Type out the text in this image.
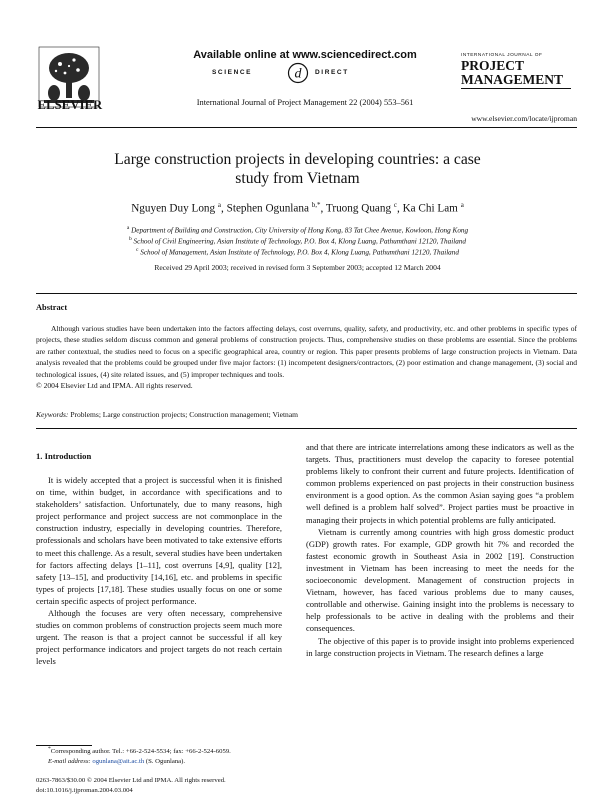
ELSEVIER
Available online at www.sciencedirect.com
SCIENCE	d DIRECT
International Journal of Project Management 22 (2004) 553–561
INTERNATIONAL JOURNAL OF
PROJECT
MANAGEMENT
www.elsevier.com/locate/ijproman
Large construction projects in developing countries: a case
study from Vietnam
Nguyen Duy Long $^a$, Stephen Ogunlana $^{b,*}$, Truong Quang $^c$, Ka Chi Lam $^a$
$^a$ Department of Building and Construction, City University of Hong Kong, 83 Tat Chee Avenue, Kowloon, Hong Kong
$^b$ School of Civil Engineering, Asian Institute of Technology, P.O. Box 4, Klong Luang, Pathumthani 12120, Thailand
$^c$ School of Management, Asian Institute of Technology, P.O. Box 4, Klong Luang, Pathumthani 12120, Thailand
Received 29 April 2003; received in revised form 3 September 2003; accepted 12 March 2004
Abstract

Although various studies have been undertaken into the factors affecting delays, cost overruns, quality, safety, and productivity, etc. and other problems in specific types of projects, these studies seldom discuss common and general problems of construction projects. Thus, comprehensive studies on these problems are essential. Since the problems are rather contextual, the studies need to focus on a specific geographical area, country or region. This paper presents problems of large construction projects in Vietnam. Data analysis revealed that the problems could be grouped under five major factors: (1) incompetent designers/contractors, (2) poor estimation and change management, (3) social and technological issues, (4) site related issues, and (5) improper techniques and tools.

© 2004 Elsevier Ltd and IPMA. All rights reserved.

Keywords: Problems; Large construction projects; Construction management; Vietnam
1. Introduction

It is widely accepted that a project is successful when it is finished on time, within budget, in accordance with specifications and to stakeholders’ satisfaction. Unfortunately, due to many reasons, high project performance and project success are not commonplace in the construction industry, especially in developing countries. Therefore, professionals and scholars have been motivated to take extensive efforts to meet this challenge. As a result, several studies have been undertaken for factors affecting delays [1–11], cost overruns [4,9], quality [12], safety [13–15], and productivity [14,16], etc. and problems in specific types of projects [17,18]. These studies usually focus on one or some certain specific aspects of project performance.

Although the focuses are very often necessary, comprehensive studies on common problems of construction projects seem much more urgent. The reason is that a project cannot be successful if all key project performance indicators and project targets do not reach certain levels

and that there are intricate interrelations among these indicators as well as the targets. Thus, practitioners must develop the capacity to foresee potential problems likely to confront their current and future projects. Identification of common problems experienced on past projects in their construction business environment is a good option. As the common Asian saying goes “a problem well defined is a problem half solved”. Project parties must be proactive in managing their projects in which potential problems are fully anticipated.

Vietnam is currently among countries with high gross domestic product (GDP) growth rates. For example, GDP growth hit 7% and recorded the fastest economic growth in Southeast Asia in 2002 [19]. Construction investment in Vietnam has been increasing to meet the needs for the socioeconomic development. Management of construction projects in Vietnam, however, has faced various problems due to many causes, controllable and otherwise. Gaining insight into the problems is necessary to help professionals to be active in dealing with the problems and their consequences.

The objective of this paper is to provide insight into problems experienced in large construction projects in Vietnam. The research defines a large

*Corresponding author. Tel.: +66-2-524-5534; fax: +66-2-524-6059.
E-mail address: ogunlana@ait.ac.th (S. Ogunlana).
0263-7863/$30.00 © 2004 Elsevier Ltd and IPMA. All rights reserved.
doi:10.1016/j.ijproman.2004.03.004
